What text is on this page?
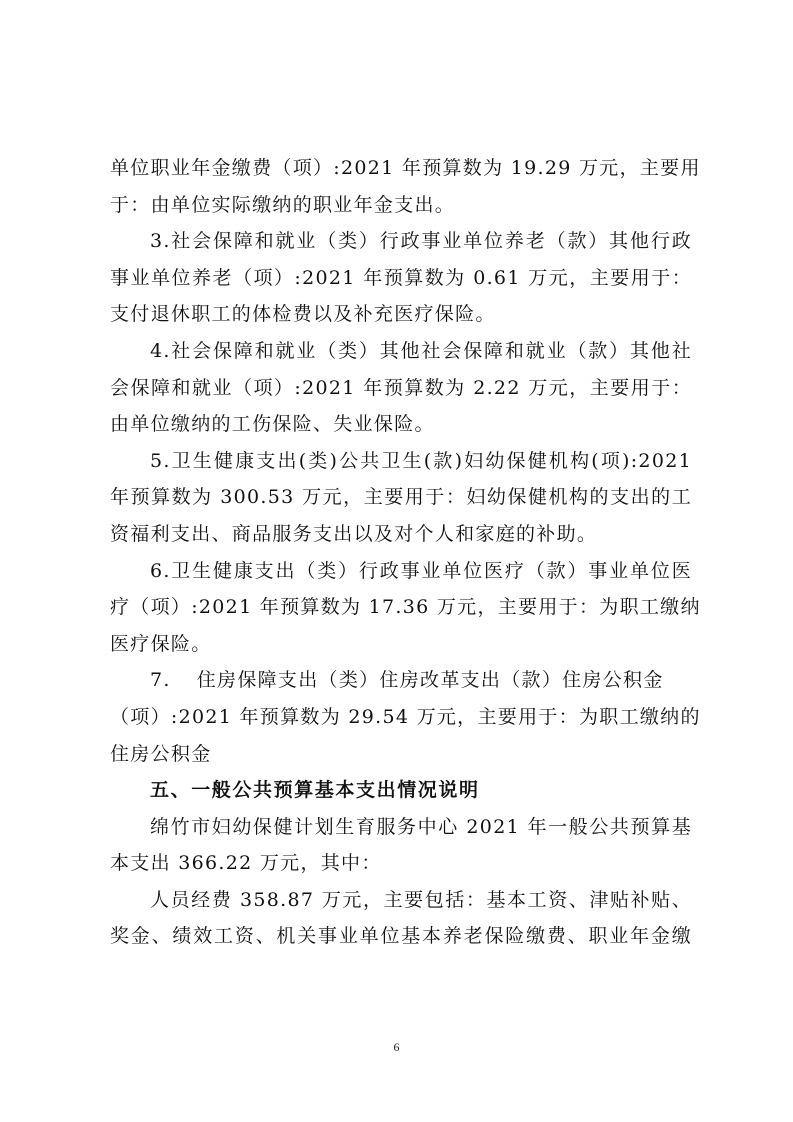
单位职业年金缴费（项）:2021 年预算数为 19.29 万元，主要用
于：由单位实际缴纳的职业年金支出。
3.社会保障和就业（类）行政事业单位养老（款）其他行政
事业单位养老（项）:2021 年预算数为 0.61 万元，主要用于：
支付退休职工的体检费以及补充医疗保险。
4.社会保障和就业（类）其他社会保障和就业（款）其他社
会保障和就业（项）:2021 年预算数为 2.22 万元，主要用于：
由单位缴纳的工伤保险、失业保险。
5.卫生健康支出(类)公共卫生(款)妇幼保健机构(项):2021
年预算数为 300.53 万元，主要用于：妇幼保健机构的支出的工
资福利支出、商品服务支出以及对个人和家庭的补助。
6.卫生健康支出（类）行政事业单位医疗（款）事业单位医
疗（项）:2021 年预算数为 17.36 万元，主要用于：为职工缴纳
医疗保险。
7. 住房保障支出（类）住房改革支出（款）住房公积金
（项）:2021 年预算数为 29.54 万元，主要用于：为职工缴纳的
住房公积金
五、一般公共预算基本支出情况说明
绵竹市妇幼保健计划生育服务中心 2021 年一般公共预算基
本支出 366.22 万元，其中：
人员经费 358.87 万元，主要包括：基本工资、津贴补贴、
奖金、绩效工资、机关事业单位基本养老保险缴费、职业年金缴
6
